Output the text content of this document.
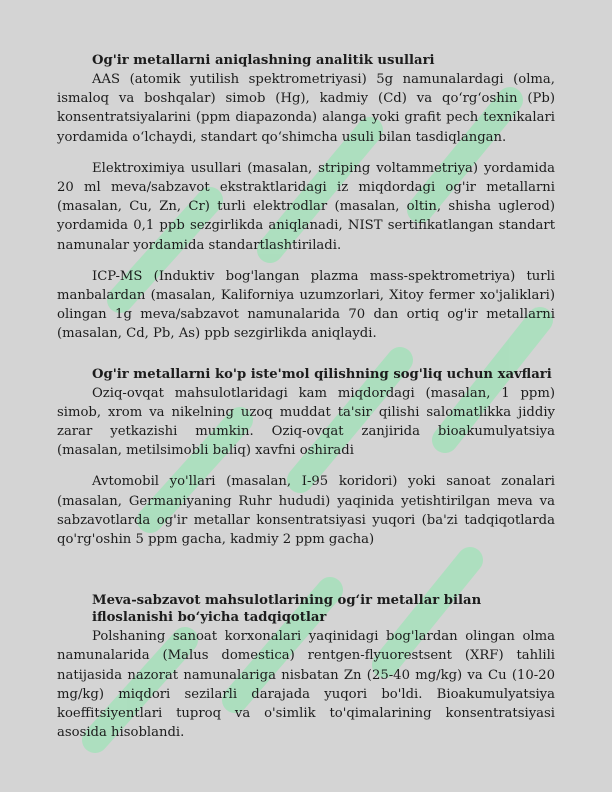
Og'ir metallarni aniqlashning analitik usullari

AAS (atomik yutilish spektrometriyasi) 5g namunalardagi (olma, ismaloq va boshqalar) simob (Hg), kadmiy (Cd) va qoʻrgʻoshin (Pb) konsentratsiyalarini (ppm diapazonda) alanga yoki grafit pech texnikalari yordamida oʻlchaydi, standart qoʻshimcha usuli bilan tasdiqlangan.

Elektroximiya usullari (masalan, striping voltammetriya) yordamida 20 ml meva/sabzavot ekstraktlaridagi iz miqdordagi og'ir metallarni (masalan, Cu, Zn, Cr) turli elektrodlar (masalan, oltin, shisha uglerod) yordamida 0,1 ppb sezgirlikda aniqlanadi, NIST sertifikatlangan standart namunalar yordamida standartlashtiriladi.

ICP-MS (Induktiv bog'langan plazma mass-spektrometriya) turli manbalardan (masalan, Kaliforniya uzumzorlari, Xitoy fermer xo'jaliklari) olingan 1g meva/sabzavot namunalarida 70 dan ortiq og'ir metallarni (masalan, Cd, Pb, As) ppb sezgirlikda aniqlaydi.

Og'ir metallarni ko'p iste'mol qilishning sog'liq uchun xavflari

Oziq-ovqat mahsulotlaridagi kam miqdordagi (masalan, 1 ppm) simob, xrom va nikelning uzoq muddat ta'sir qilishi salomatlikka jiddiy zarar yetkazishi mumkin. Oziq-ovqat zanjirida bioakumulyatsiya (masalan, metilsimobli baliq) xavfni oshiradi

Avtomobil yo'llari (masalan, I-95 koridori) yoki sanoat zonalari (masalan, Germaniyaning Ruhr hududi) yaqinida yetishtirilgan meva va sabzavotlarda og'ir metallar konsentratsiyasi yuqori (ba'zi tadqiqotlarda qo'rg'oshin 5 ppm gacha, kadmiy 2 ppm gacha)

Meva-sabzavot mahsulotlarining ogʻir metallar bilan ifloslanishi boʻyicha tadqiqotlar

Polshaning sanoat korxonalari yaqinidagi bog'lardan olingan olma namunalarida (Malus domestica) rentgen-flyuorestsent (XRF) tahlili natijasida nazorat namunalariga nisbatan Zn (25-40 mg/kg) va Cu (10-20 mg/kg) miqdori sezilarli darajada yuqori bo'ldi. Bioakumulyatsiya koeffitsiyentlari tuproq va o'simlik to'qimalarining konsentratsiyasi asosida hisoblandi.
